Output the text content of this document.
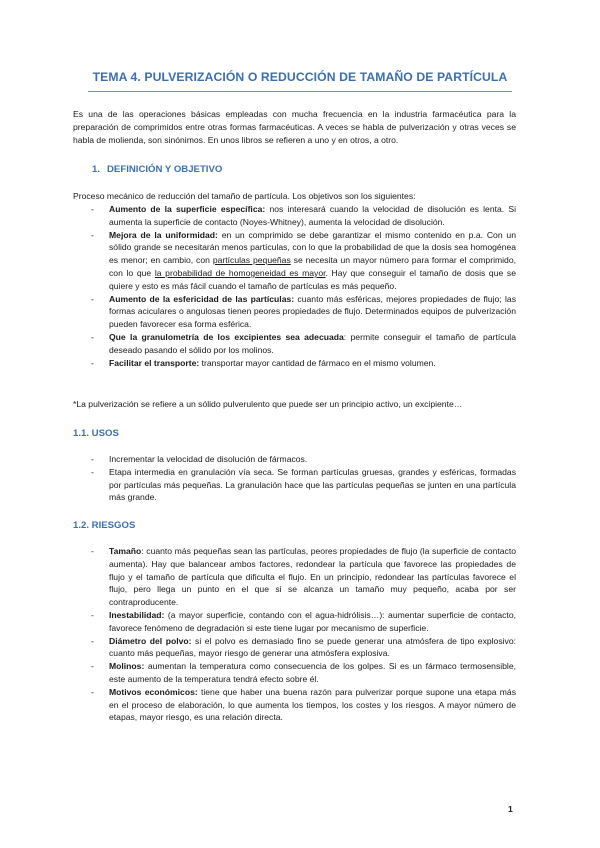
TEMA 4. PULVERIZACIÓN O REDUCCIÓN DE TAMAÑO DE PARTÍCULA
Es una de las operaciones básicas empleadas con mucha frecuencia en la industria farmacéutica para la preparación de comprimidos entre otras formas farmacéuticas. A veces se habla de pulverización y otras veces se habla de molienda, son sinónimos. En unos libros se refieren a uno y en otros, a otro.
1. DEFINICIÓN Y OBJETIVO
Proceso mecánico de reducción del tamaño de partícula. Los objetivos son los siguientes:
- Aumento de la superficie específica: nos interesará cuando la velocidad de disolución es lenta. Si aumenta la superficie de contacto (Noyes-Whitney), aumenta la velocidad de disolución.
- Mejora de la uniformidad: en un comprimido se debe garantizar el mismo contenido en p.a. Con un sólido grande se necesitarán menos partículas, con lo que la probabilidad de que la dosis sea homogénea es menor; en cambio, con partículas pequeñas se necesita un mayor número para formar el comprimido, con lo que la probabilidad de homogeneidad es mayor. Hay que conseguir el tamaño de dosis que se quiere y esto es más fácil cuando el tamaño de partículas es más pequeño.
- Aumento de la esfericidad de las partículas: cuanto más esféricas, mejores propiedades de flujo; las formas aciculares o angulosas tienen peores propiedades de flujo. Determinados equipos de pulverización pueden favorecer esa forma esférica.
- Que la granulometría de los excipientes sea adecuada: permite conseguir el tamaño de partícula deseado pasando el sólido por los molinos.
- Facilitar el transporte: transportar mayor cantidad de fármaco en el mismo volumen.
*La pulverización se refiere a un sólido pulverulento que puede ser un principio activo, un excipiente…
1.1. USOS
- Incrementar la velocidad de disolución de fármacos.
- Etapa intermedia en granulación vía seca. Se forman partículas gruesas, grandes y esféricas, formadas por partículas más pequeñas. La granulación hace que las partículas pequeñas se junten en una partícula más grande.
1.2. RIESGOS
- Tamaño: cuanto más pequeñas sean las partículas, peores propiedades de flujo (la superficie de contacto aumenta). Hay que balancear ambos factores, redondear la partícula que favorece las propiedades de flujo y el tamaño de partícula que dificulta el flujo. En un principio, redondear las partículas favorece el flujo, pero llega un punto en el que si se alcanza un tamaño muy pequeño, acaba por ser contraproducente.
- Inestabilidad: (a mayor superficie, contando con el agua-hidrólisis…): aumentar superficie de contacto, favorece fenómeno de degradación si este tiene lugar por mecanismo de superficie.
- Diámetro del polvo: si el polvo es demasiado fino se puede generar una atmósfera de tipo explosivo: cuanto más pequeñas, mayor riesgo de generar una atmósfera explosiva.
- Molinos: aumentan la temperatura como consecuencia de los golpes. Si es un fármaco termosensible, este aumento de la temperatura tendrá efecto sobre él.
- Motivos económicos: tiene que haber una buena razón para pulverizar porque supone una etapa más en el proceso de elaboración, lo que aumenta los tiempos, los costes y los riesgos. A mayor número de etapas, mayor riesgo, es una relación directa.
1
